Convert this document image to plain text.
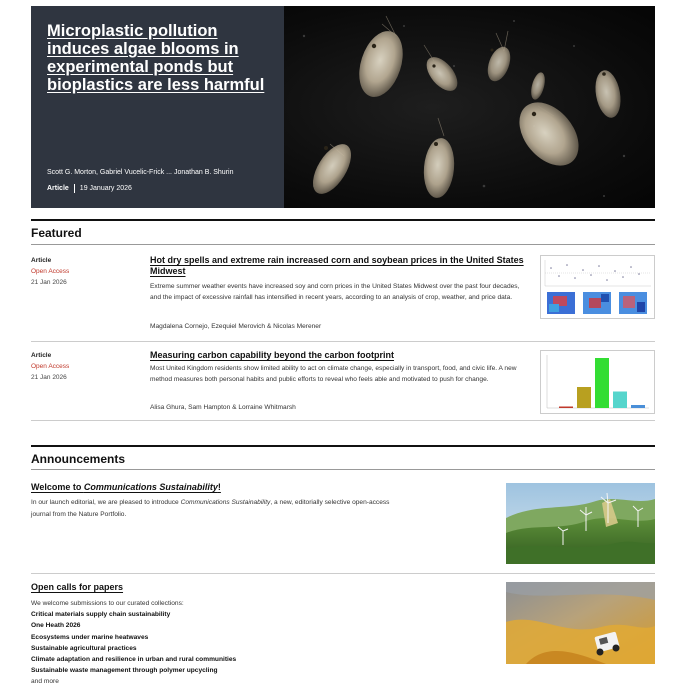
Microplastic pollution induces algae blooms in experimental ponds but bioplastics are less harmful
Scott G. Morton, Gabriel Vucelic-Frick ... Jonathan B. Shurin
Article 19 January 2026
Featured
Article
Open Access
21 Jan 2026
Hot dry spells and extreme rain increased corn and soybean prices in the United States Midwest
Extreme summer weather events have increased soy and corn prices in the United States Midwest over the past four decades, and the impact of excessive rainfall has intensified in recent years, according to an analysis of crop, weather, and price data.
Magdalena Cornejo, Ezequiel Merovich & Nicolas Merener
Article
Open Access
21 Jan 2026
Measuring carbon capability beyond the carbon footprint
Most United Kingdom residents show limited ability to act on climate change, especially in transport, food, and civic life. A new method measures both personal habits and public efforts to reveal who feels able and motivated to push for change.
Alisa Ghura, Sam Hampton & Lorraine Whitmarsh
Announcements
Welcome to Communications Sustainability!
In our launch editorial, we are pleased to introduce Communications Sustainability, a new, editorially selective open-access journal from the Nature Portfolio.
Open calls for papers
We welcome submissions to our curated collections:
Critical materials supply chain sustainability
One Heath 2026
Ecosystems under marine heatwaves
Sustainable agricultural practices
Climate adaptation and resilience in urban and rural communities
Sustainable waste management through polymer upcycling
and more
